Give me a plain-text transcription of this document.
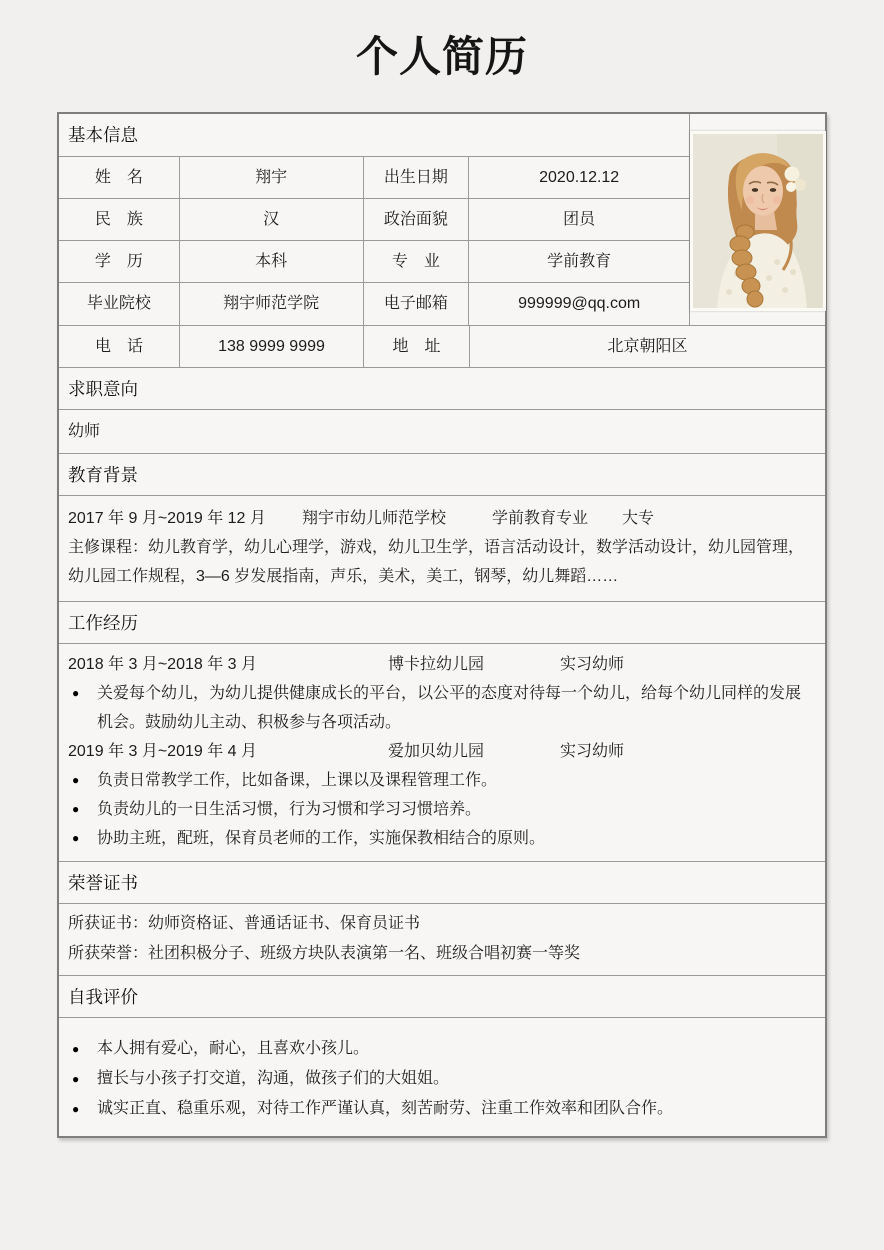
个人简历
基本信息
姓　名	翔宇	出生日期	2020.12.12
民　族	汉	政治面貌	团员
学　历	本科	专　业	学前教育
毕业院校	翔宇师范学院	电子邮箱	999999@qq.com
电　话	138 9999 9999	地　址	北京朝阳区
求职意向
幼师
教育背景
2017 年 9 月~2019 年 12 月	翔宇市幼儿师范学校	学前教育专业	大专
主修课程：幼儿教育学，幼儿心理学，游戏，幼儿卫生学，语言活动设计，数学活动设计，幼儿园管理，幼儿园工作规程，3—6 岁发展指南，声乐，美术，美工，钢琴，幼儿舞蹈……
工作经历
2018 年 3 月~2018 年 3 月	博卡拉幼儿园	实习幼师
● 关爱每个幼儿，为幼儿提供健康成长的平台，以公平的态度对待每一个幼儿，给每个幼儿同样的发展机会。鼓励幼儿主动、积极参与各项活动。
2019 年 3 月~2019 年 4 月	爱加贝幼儿园	实习幼师
● 负责日常教学工作，比如备课，上课以及课程管理工作。
● 负责幼儿的一日生活习惯，行为习惯和学习习惯培养。
● 协助主班，配班，保育员老师的工作，实施保教相结合的原则。
荣誉证书
所获证书：幼师资格证、普通话证书、保育员证书
所获荣誉：社团积极分子、班级方块队表演第一名、班级合唱初赛一等奖
自我评价
● 本人拥有爱心，耐心，且喜欢小孩儿。
● 擅长与小孩子打交道，沟通，做孩子们的大姐姐。
● 诚实正直、稳重乐观，对待工作严谨认真，刻苦耐劳、注重工作效率和团队合作。
